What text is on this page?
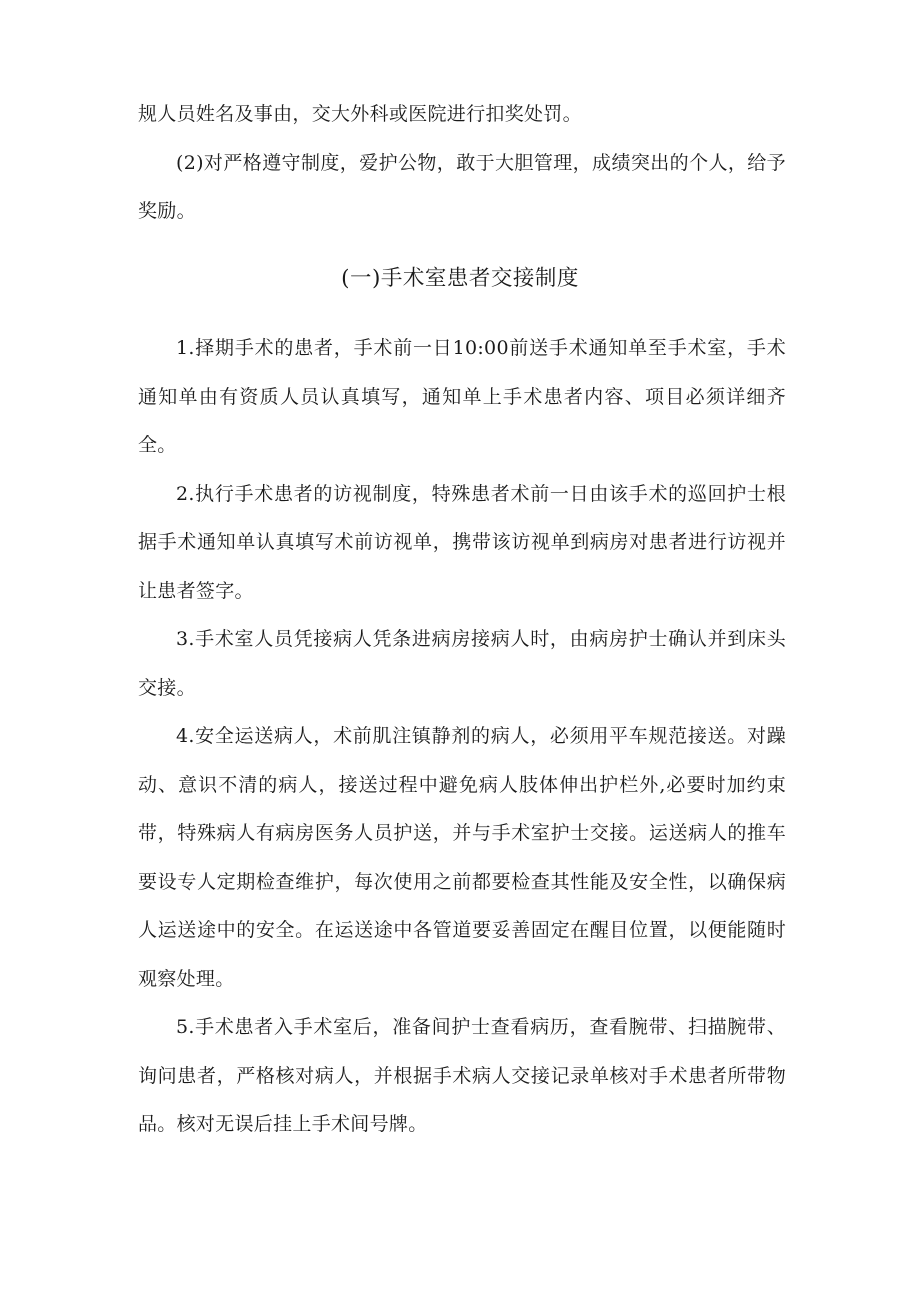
规人员姓名及事由，交大外科或医院进行扣奖处罚。

(2)对严格遵守制度，爱护公物，敢于大胆管理，成绩突出的个人，给予奖励。

(一)手术室患者交接制度

1.择期手术的患者，手术前一日10:00前送手术通知单至手术室，手术通知单由有资质人员认真填写，通知单上手术患者内容、项目必须详细齐全。

2.执行手术患者的访视制度，特殊患者术前一日由该手术的巡回护士根据手术通知单认真填写术前访视单，携带该访视单到病房对患者进行访视并让患者签字。

3.手术室人员凭接病人凭条进病房接病人时，由病房护士确认并到床头交接。

4.安全运送病人，术前肌注镇静剂的病人，必须用平车规范接送。对躁动、意识不清的病人，接送过程中避免病人肢体伸出护栏外,必要时加约束带，特殊病人有病房医务人员护送，并与手术室护士交接。运送病人的推车要设专人定期检查维护，每次使用之前都要检查其性能及安全性，以确保病人运送途中的安全。在运送途中各管道要妥善固定在醒目位置，以便能随时观察处理。

5.手术患者入手术室后，准备间护士查看病历，查看腕带、扫描腕带、询问患者，严格核对病人，并根据手术病人交接记录单核对手术患者所带物品。核对无误后挂上手术间号牌。
